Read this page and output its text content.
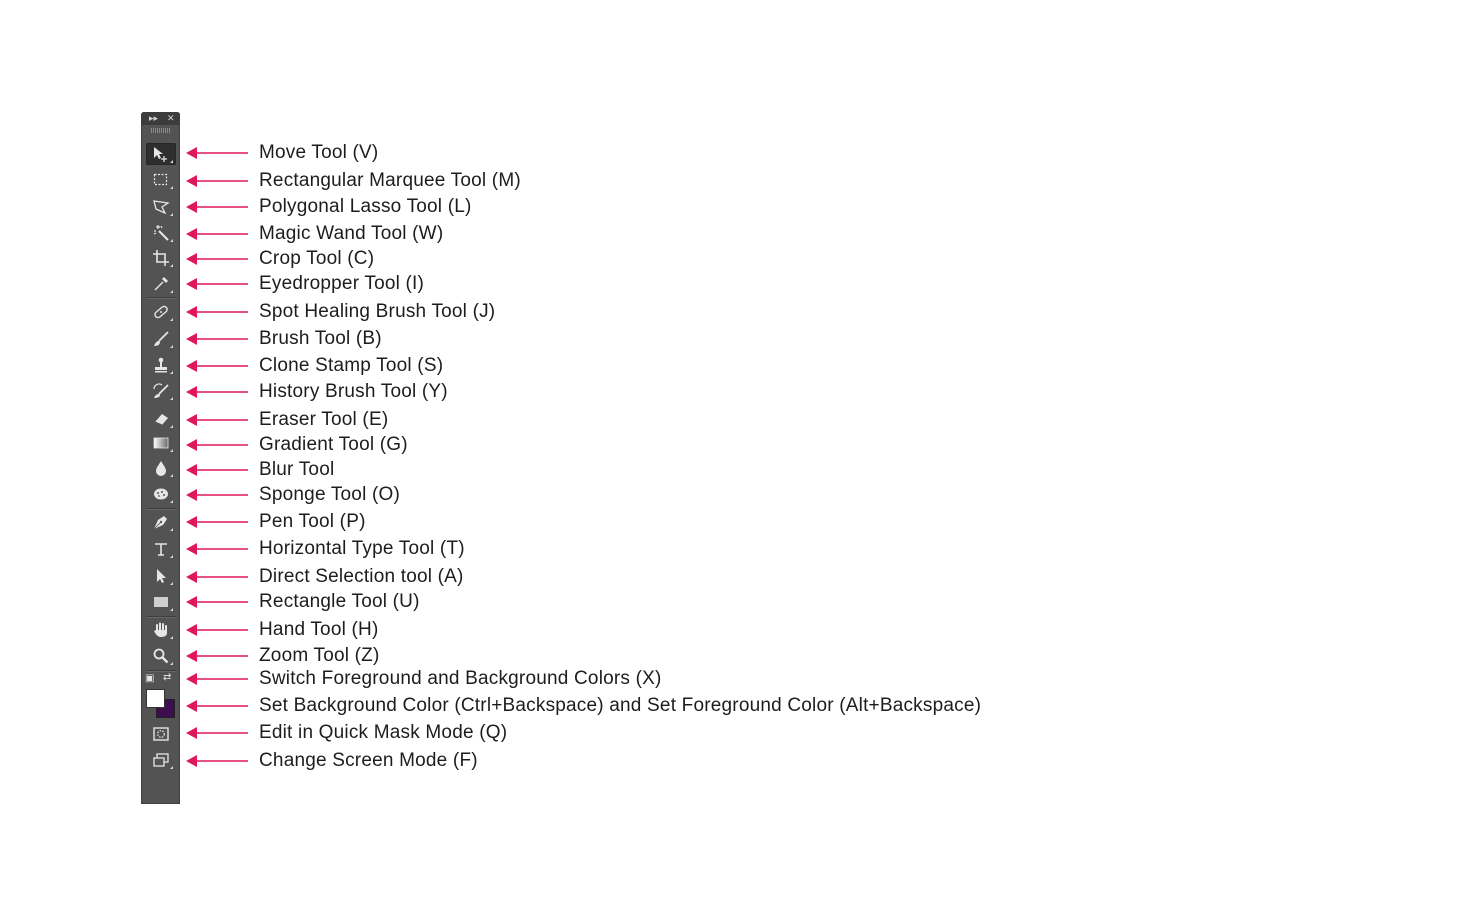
▸▸ ✕
▣ ⇄
Move Tool (V)
Rectangular Marquee Tool (M)
Polygonal Lasso Tool (L)
Magic Wand Tool (W)
Crop Tool (C)
Eyedropper Tool (I)
Spot Healing Brush Tool (J)
Brush Tool (B)
Clone Stamp Tool (S)
History Brush Tool (Y)
Eraser Tool (E)
Gradient Tool (G)
Blur Tool
Sponge Tool (O)
Pen Tool (P)
Horizontal Type Tool (T)
Direct Selection tool (A)
Rectangle Tool (U)
Hand Tool (H)
Zoom Tool (Z)
Switch Foreground and Background Colors (X)
Set Background Color (Ctrl+Backspace) and Set Foreground Color (Alt+Backspace)
Edit in Quick Mask Mode (Q)
Change Screen Mode (F)
